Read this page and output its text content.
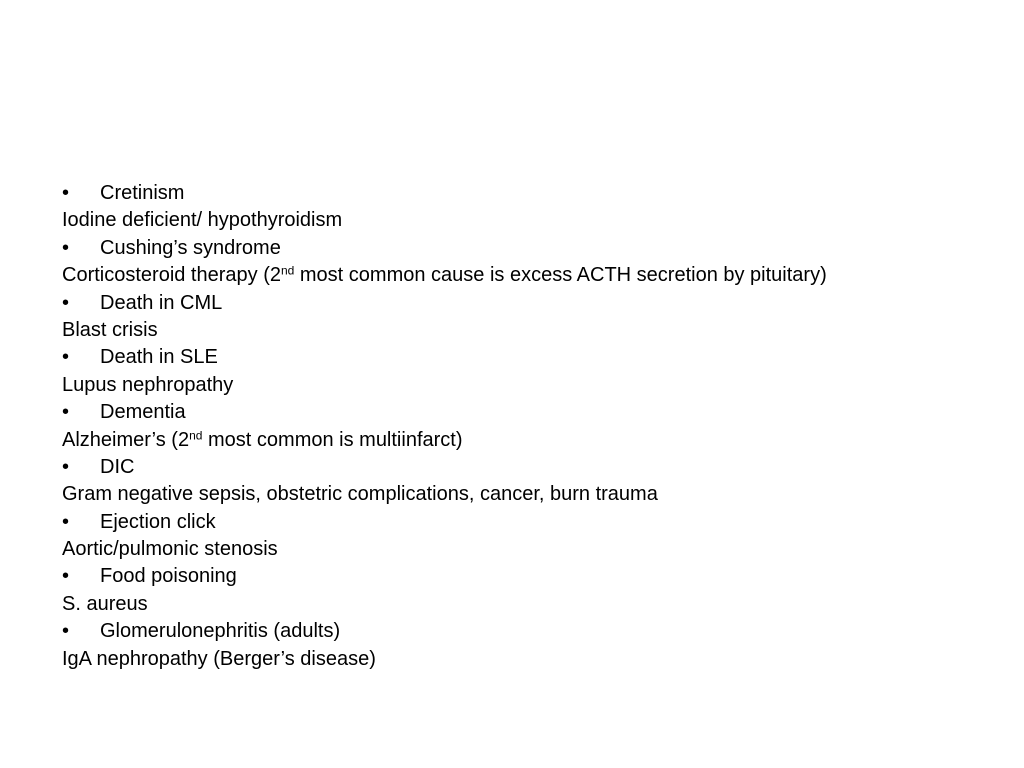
• Cretinism
Iodine deficient/ hypothyroidism
• Cushing’s syndrome
Corticosteroid therapy (2nd most common cause is excess ACTH secretion by pituitary)
• Death in CML
Blast crisis
• Death in SLE
Lupus nephropathy
• Dementia
Alzheimer’s (2nd most common is multiinfarct)
• DIC
Gram negative sepsis, obstetric complications, cancer, burn trauma
• Ejection click
Aortic/pulmonic stenosis
• Food poisoning
S. aureus
• Glomerulonephritis (adults)
IgA nephropathy (Berger’s disease)
